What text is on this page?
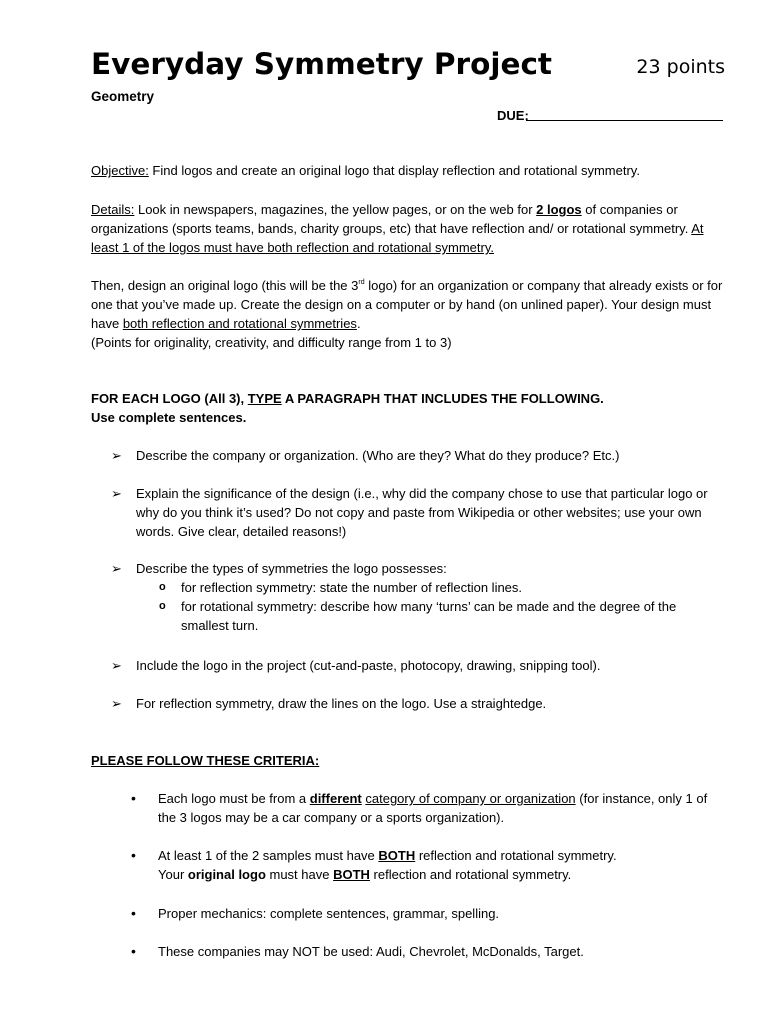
Everyday Symmetry Project	23 points
Geometry
DUE:

Objective: Find logos and create an original logo that display reflection and rotational symmetry.

Details: Look in newspapers, magazines, the yellow pages, or on the web for 2 logos of companies or organizations (sports teams, bands, charity groups, etc) that have reflection and/ or rotational symmetry. At least 1 of the logos must have both reflection and rotational symmetry.

Then, design an original logo (this will be the 3rd logo) for an organization or company that already exists or for one that you’ve made up. Create the design on a computer or by hand (on unlined paper). Your design must have both reflection and rotational symmetries.

(Points for originality, creativity, and difficulty range from 1 to 3)

FOR EACH LOGO (All 3), TYPE A PARAGRAPH THAT INCLUDES THE FOLLOWING.

Use complete sentences.

➢ Describe the company or organization. (Who are they? What do they produce? Etc.)

➢ Explain the significance of the design (i.e., why did the company chose to use that particular logo or why do you think it’s used? Do not copy and paste from Wikipedia or other websites; use your own words. Give clear, detailed reasons!)

➢ Describe the types of symmetries the logo possesses:

o for reflection symmetry: state the number of reflection lines.
o for rotational symmetry: describe how many ‘turns’ can be made and the degree of the smallest turn.
➢ Include the logo in the project (cut-and-paste, photocopy, drawing, snipping tool).

➢ For reflection symmetry, draw the lines on the logo. Use a straightedge.

PLEASE FOLLOW THESE CRITERIA:

• Each logo must be from a different category of company or organization (for instance, only 1 of the 3 logos may be a car company or a sports organization).

• At least 1 of the 2 samples must have BOTH reflection and rotational symmetry.

Your original logo must have BOTH reflection and rotational symmetry.

• Proper mechanics: complete sentences, grammar, spelling.

• These companies may NOT be used: Audi, Chevrolet, McDonalds, Target.
